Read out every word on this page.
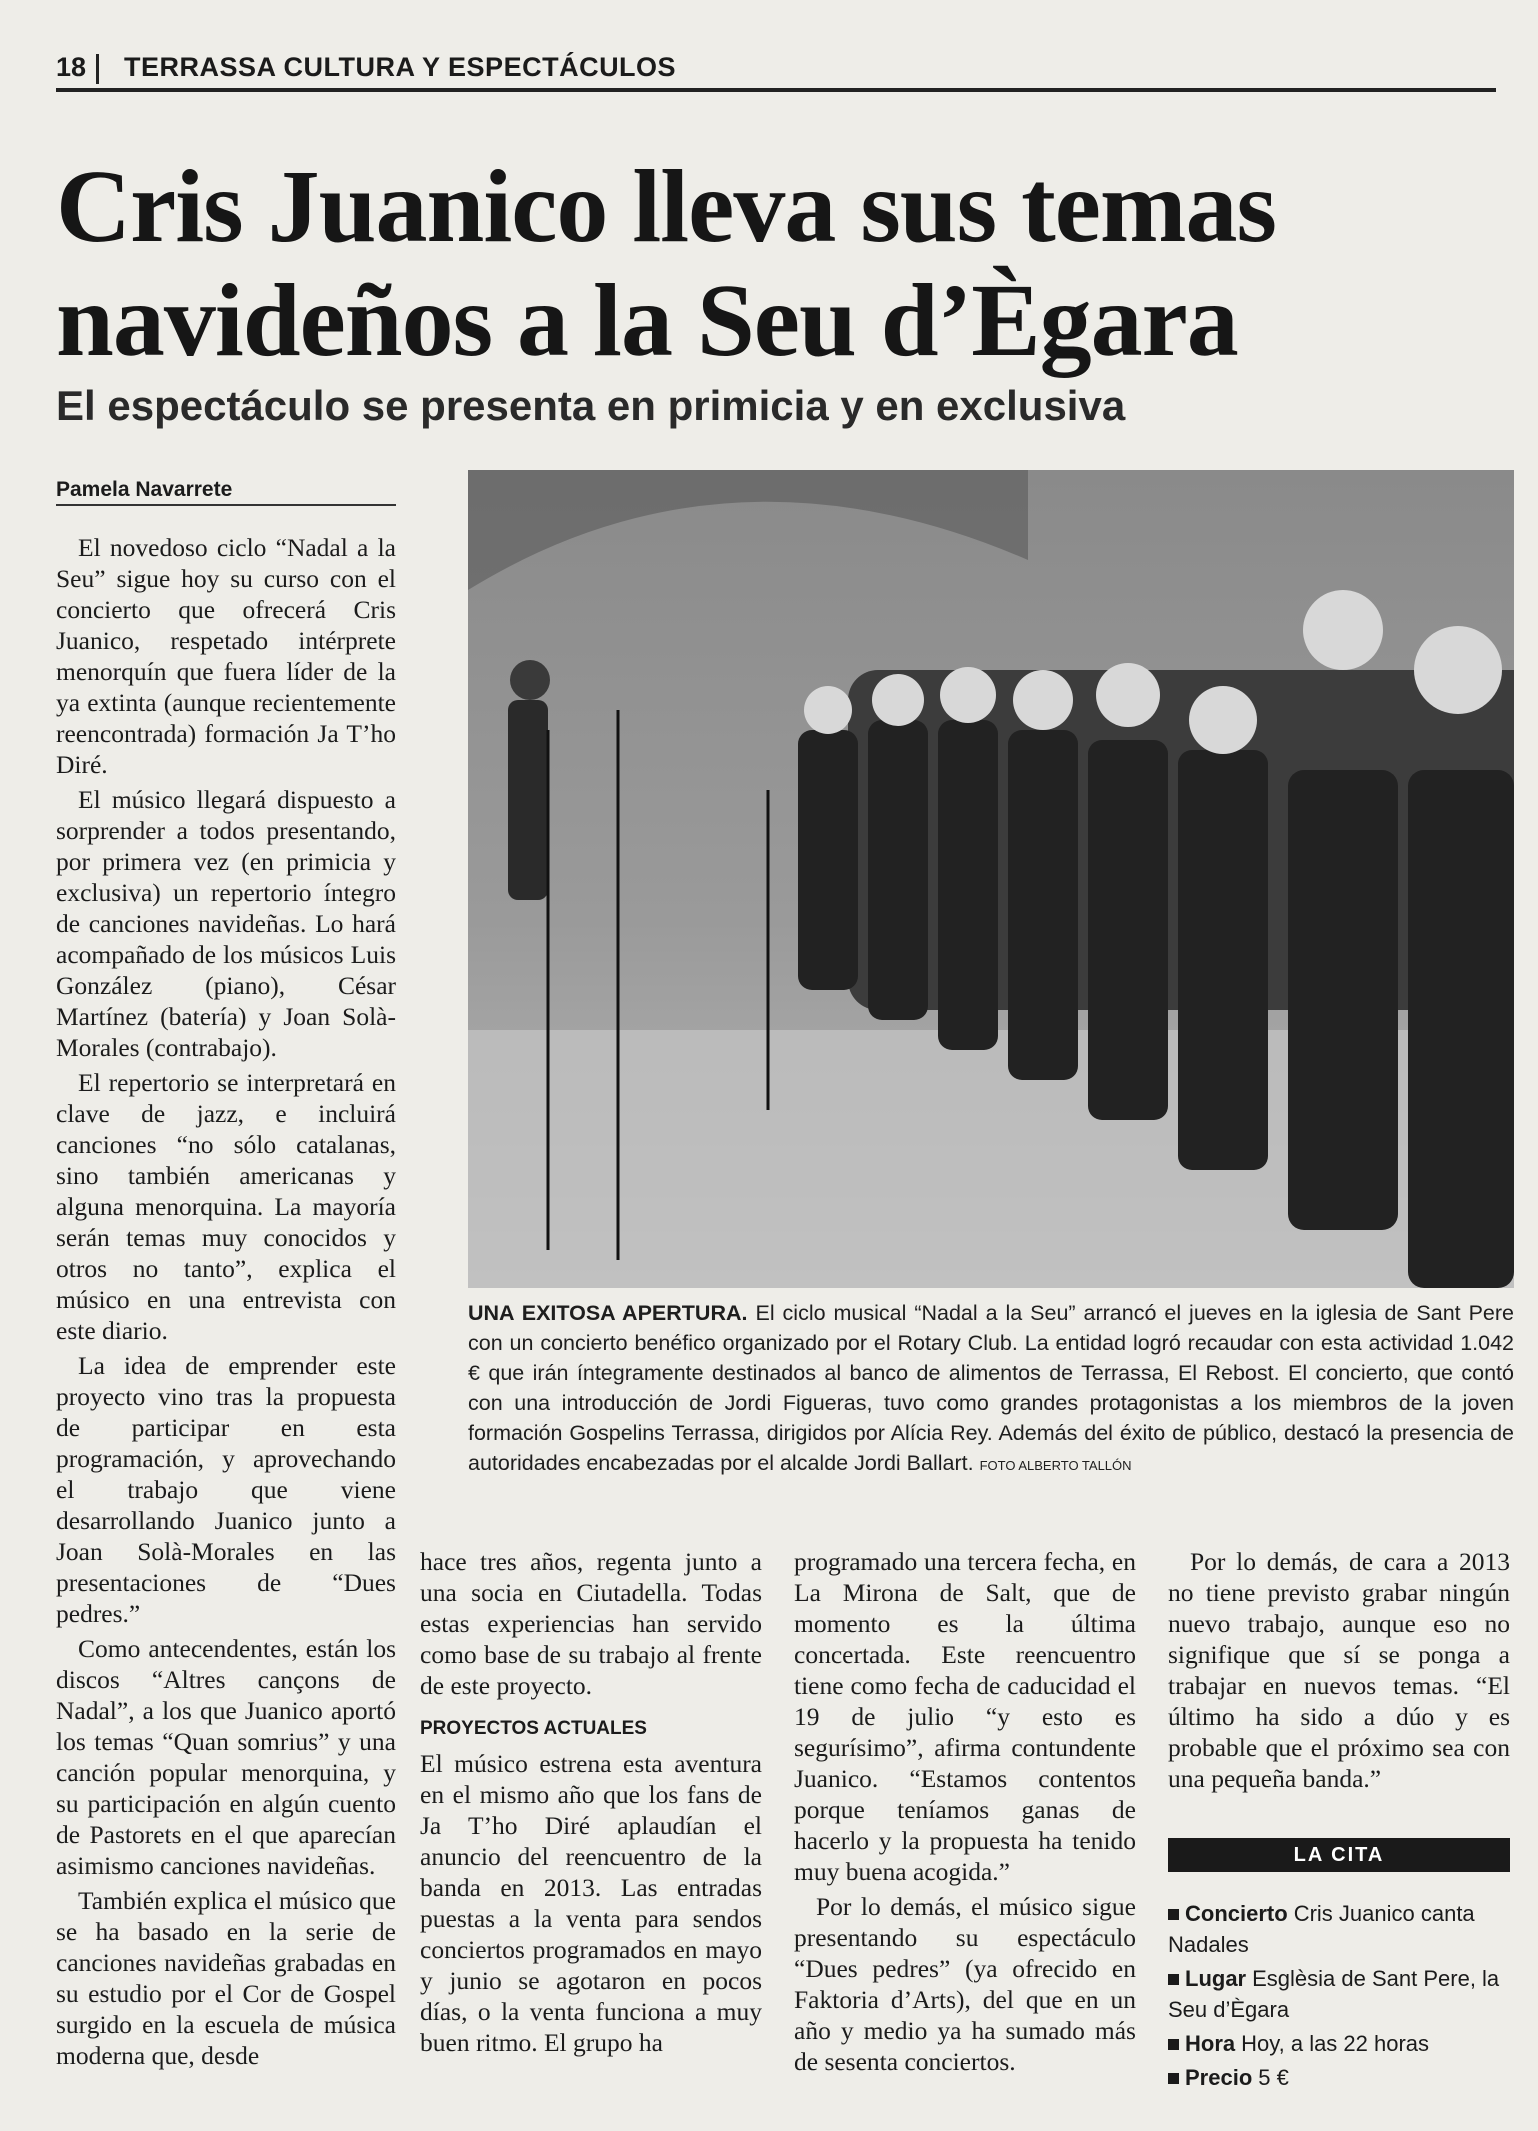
18 TERRASSA CULTURA Y ESPECTÁCULOS
Cris Juanico lleva sus temas navideños a la Seu d’Ègara
El espectáculo se presenta en primicia y en exclusiva
Pamela Navarrete

El novedoso ciclo “Nadal a la Seu” sigue hoy su curso con el concierto que ofrecerá Cris Juanico, respetado intérprete menorquín que fuera líder de la ya extinta (aunque recientemente reencontrada) formación Ja T’ho Diré.

El músico llegará dispuesto a sorprender a todos presentando, por primera vez (en primicia y exclusiva) un repertorio íntegro de canciones navideñas. Lo hará acompañado de los músicos Luis González (piano), César Martínez (batería) y Joan Solà-Morales (contrabajo).

El repertorio se interpretará en clave de jazz, e incluirá canciones “no sólo catalanas, sino también americanas y alguna menorquina. La mayoría serán temas muy conocidos y otros no tanto”, explica el músico en una entrevista con este diario.

La idea de emprender este proyecto vino tras la propuesta de participar en esta programación, y aprovechando el trabajo que viene desarrollando Juanico junto a Joan Solà-Morales en las presentaciones de “Dues pedres.”

Como antecendentes, están los discos “Altres cançons de Nadal”, a los que Juanico aportó los temas “Quan somrius” y una canción popular menorquina, y su participación en algún cuento de Pastorets en el que aparecían asimismo canciones navideñas.

También explica el músico que se ha basado en la serie de canciones navideñas grabadas en su estudio por el Cor de Gospel surgido en la escuela de música moderna que, desde

UNA EXITOSA APERTURA. El ciclo musical “Nadal a la Seu” arrancó el jueves en la iglesia de Sant Pere con un concierto benéfico organizado por el Rotary Club. La entidad logró recaudar con esta actividad 1.042 € que irán íntegramente destinados al banco de alimentos de Terrassa, El Rebost. El concierto, que contó con una introducción de Jordi Figueras, tuvo como grandes protagonistas a los miembros de la joven formación Gospelins Terrassa, dirigidos por Alícia Rey. Además del éxito de público, destacó la presencia de autoridades encabezadas por el alcalde Jordi Ballart. FOTO ALBERTO TALLÓN

hace tres años, regenta junto a una socia en Ciutadella. Todas estas experiencias han servido como base de su trabajo al frente de este proyecto.

PROYECTOS ACTUALES

El músico estrena esta aventura en el mismo año que los fans de Ja T’ho Diré aplaudían el anuncio del reencuentro de la banda en 2013. Las entradas puestas a la venta para sendos conciertos programados en mayo y junio se agotaron en pocos días, o la venta funciona a muy buen ritmo. El grupo ha

programado una tercera fecha, en La Mirona de Salt, que de momento es la última concertada. Este reencuentro tiene como fecha de caducidad el 19 de julio “y esto es segurísimo”, afirma contundente Juanico. “Estamos contentos porque teníamos ganas de hacerlo y la propuesta ha tenido muy buena acogida.”

Por lo demás, el músico sigue presentando su espectáculo “Dues pedres” (ya ofrecido en Faktoria d’Arts), del que en un año y medio ya ha sumado más de sesenta conciertos.

Por lo demás, de cara a 2013 no tiene previsto grabar ningún nuevo trabajo, aunque eso no signifique que sí se ponga a trabajar en nuevos temas. “El último ha sido a dúo y es probable que el próximo sea con una pequeña banda.”

LA CITA
Concierto Cris Juanico canta Nadales
Lugar Esglèsia de Sant Pere, la Seu d’Ègara
Hora Hoy, a las 22 horas
Precio 5 €
